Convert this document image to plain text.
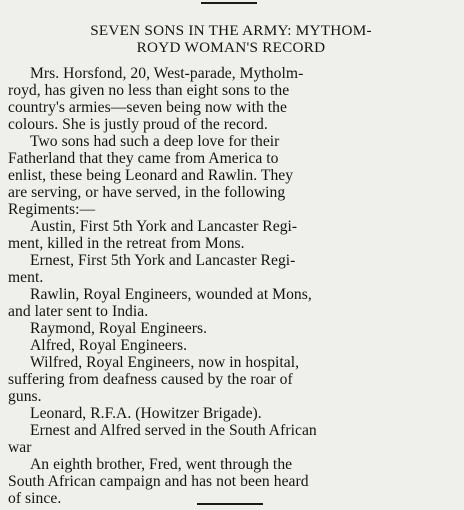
SEVEN SONS IN THE ARMY: MYTHOM-
ROYD WOMAN'S RECORD
Mrs. Horsfond, 20, West-parade, Mytholm-
royd, has given no less than eight sons to the
country's armies—seven being now with the
colours. She is justly proud of the record.
Two sons had such a deep love for their
Fatherland that they came from America to
enlist, these being Leonard and Rawlin. They
are serving, or have served, in the following
Regiments:—
Austin, First 5th York and Lancaster Regi-
ment, killed in the retreat from Mons.
Ernest, First 5th York and Lancaster Regi-
ment.
Rawlin, Royal Engineers, wounded at Mons,
and later sent to India.
Raymond, Royal Engineers.
Alfred, Royal Engineers.
Wilfred, Royal Engineers, now in hospital,
suffering from deafness caused by the roar of
guns.
Leonard, R.F.A. (Howitzer Brigade).
Ernest and Alfred served in the South African
war
An eighth brother, Fred, went through the
South African campaign and has not been heard
of since.
